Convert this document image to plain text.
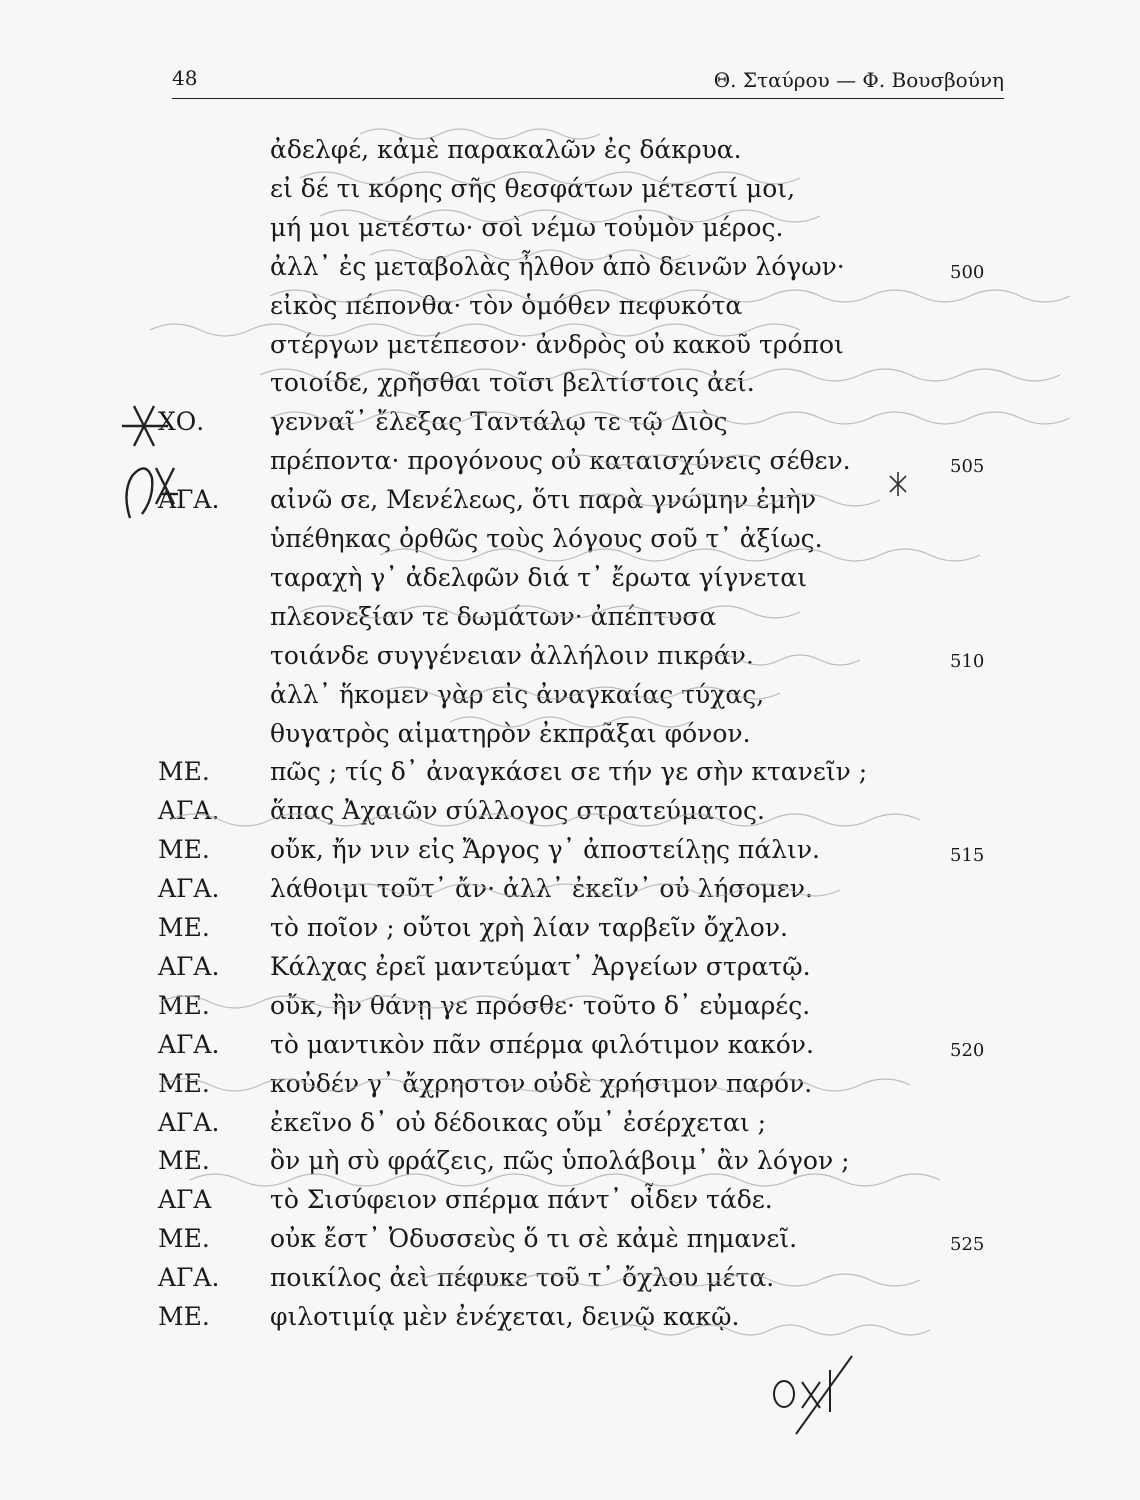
48	Θ. Σταύρου — Φ. Βουσβούνη
ἀδελφέ, κἀμὲ παρακαλῶν ἐς δάκρυα.
εἰ δέ τι κόρης σῆς θεσφάτων μέτεστί μοι,
μή μοι μετέστω· σοὶ νέμω τοὐμὸν μέρος.
ἀλλ᾽ ἐς μεταβολὰς ἦλθον ἀπὸ δεινῶν λόγων·	500
εἰκὸς πέπονθα· τὸν ὁμόθεν πεφυκότα
στέργων μετέπεσον· ἀνδρὸς οὐ κακοῦ τρόποι
τοιοίδε, χρῆσθαι τοῖσι βελτίστοις ἀεί.
ΧΟ.	γενναῖ᾽ ἔλεξας Ταντάλῳ τε τῷ Διὸς
πρέποντα· προγόνους οὐ καταισχύνεις σέθεν.	505
ΑΓΑ. αἰνῶ σε, Μενέλεως, ὅτι παρὰ γνώμην ἐμὴν
ὑπέθηκας ὀρθῶς τοὺς λόγους σοῦ τ᾽ ἀξίως.
ταραχὴ γ᾽ ἀδελφῶν διά τ᾽ ἔρωτα γίγνεται
πλεονεξίαν τε δωμάτων· ἀπέπτυσα
τοιάνδε συγγένειαν ἀλλήλοιν πικράν.	510
ἀλλ᾽ ἥκομεν γὰρ εἰς ἀναγκαίας τύχας,
θυγατρὸς αἱματηρὸν ἐκπρᾶξαι φόνον.
ΜΕ. πῶς ; τίς δ᾽ ἀναγκάσει σε τήν γε σὴν κτανεῖν ;
ΑΓΑ. ἅπας Ἀχαιῶν σύλλογος στρατεύματος.
ΜΕ. οὔκ, ἤν νιν εἰς Ἄργος γ᾽ ἀποστείλῃς πάλιν.	515
ΑΓΑ. λάθοιμι τοῦτ᾽ ἄν· ἀλλ᾽ ἐκεῖν᾽ οὐ λήσομεν.
ΜΕ. τὸ ποῖον ; οὔτοι χρὴ λίαν ταρβεῖν ὄχλον.
ΑΓΑ. Κάλχας ἐρεῖ μαντεύματ᾽ Ἀργείων στρατῷ.
ΜΕ. οὔκ, ἢν θάνῃ γε πρόσθε· τοῦτο δ᾽ εὐμαρές.
ΑΓΑ. τὸ μαντικὸν πᾶν σπέρμα φιλότιμον κακόν.	520
ΜΕ. κοὐδέν γ᾽ ἄχρηστον οὐδὲ χρήσιμον παρόν.
ΑΓΑ. ἐκεῖνο δ᾽ οὐ δέδοικας οὔμ᾽ ἐσέρχεται ;
ΜΕ. ὃν μὴ σὺ φράζεις, πῶς ὑπολάβοιμ᾽ ἂν λόγον ;
ΑΓΑ τὸ Σισύφειον σπέρμα πάντ᾽ οἶδεν τάδε.
ΜΕ. οὐκ ἔστ᾽ Ὀδυσσεὺς ὅ τι σὲ κἀμὲ πημανεῖ.	525
ΑΓΑ. ποικίλος ἀεὶ πέφυκε τοῦ τ᾽ ὄχλου μέτα.
ΜΕ. φιλοτιμίᾳ μὲν ἐνέχεται, δεινῷ κακῷ.
